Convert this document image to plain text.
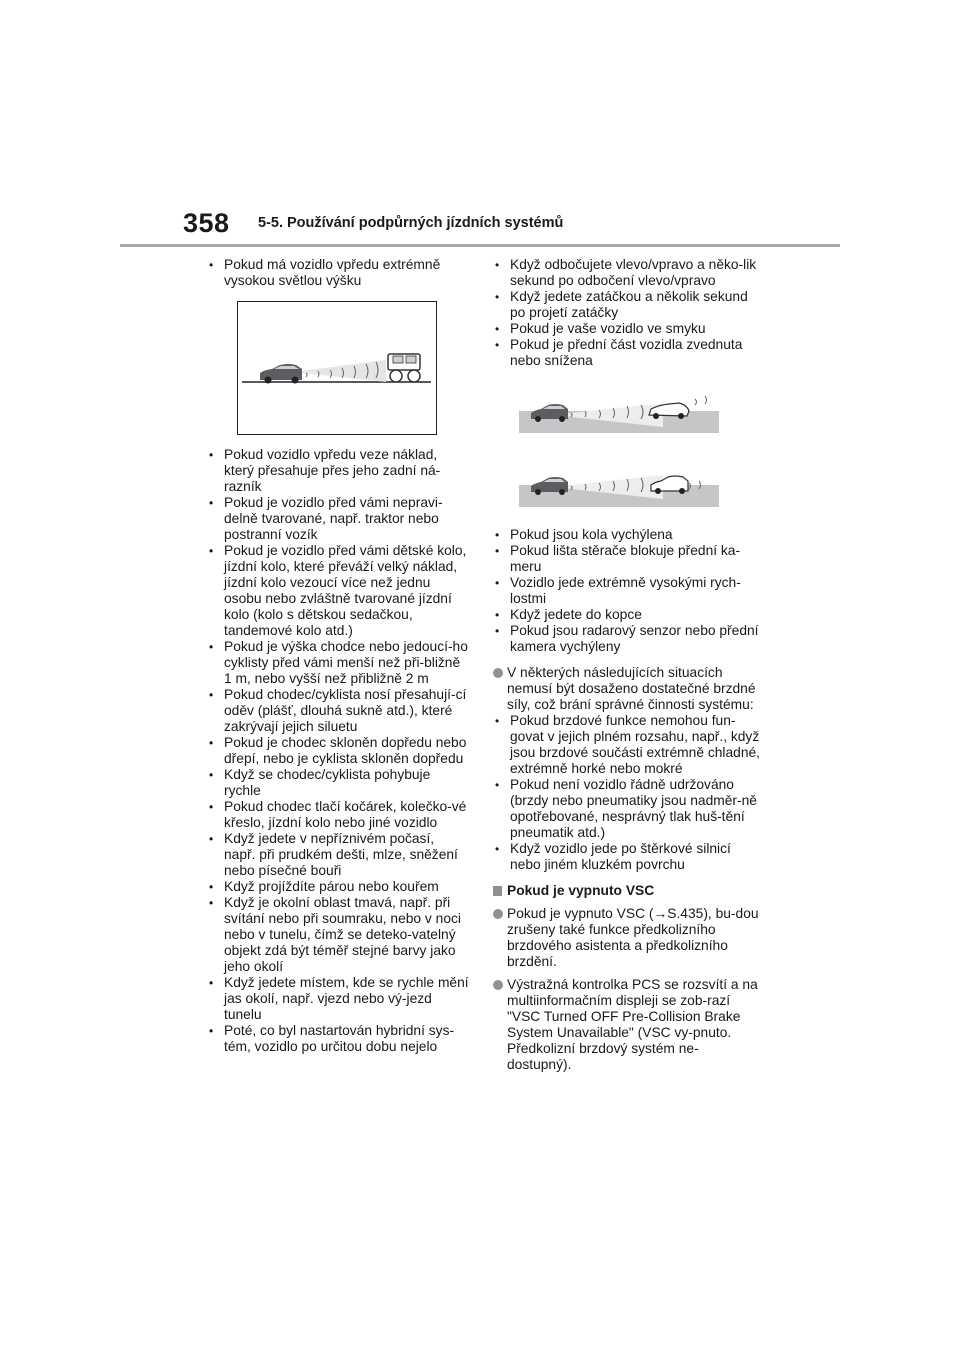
358 5-5. Používání podpůrných jízdních systémů
• Pokud má vozidlo vpředu extrémně vysokou světlou výšku
• Pokud vozidlo vpředu veze náklad, který přesahuje přes jeho zadní ná-razník
• Pokud je vozidlo před vámi nepravi-delně tvarované, např. traktor nebo postranní vozík
• Pokud je vozidlo před vámi dětské kolo, jízdní kolo, které převáží velký náklad, jízdní kolo vezoucí více než jednu osobu nebo zvláštně tvarované jízdní kolo (kolo s dětskou sedačkou, tandemové kolo atd.)
• Pokud je výška chodce nebo jedoucí-ho cyklisty před vámi menší než při-bližně 1 m, nebo vyšší než přibližně 2 m
• Pokud chodec/cyklista nosí přesahují-cí oděv (plášť, dlouhá sukně atd.), které zakrývají jejich siluetu
• Pokud je chodec skloněn dopředu nebo dřepí, nebo je cyklista skloněn dopředu
• Když se chodec/cyklista pohybuje rychle
• Pokud chodec tlačí kočárek, kolečko-vé křeslo, jízdní kolo nebo jiné vozidlo
• Když jedete v nepříznivém počasí, např. při prudkém dešti, mlze, sněžení nebo písečné bouři
• Když projíždíte párou nebo kouřem
• Když je okolní oblast tmavá, např. při svítání nebo při soumraku, nebo v noci nebo v tunelu, čímž se deteko-vatelný objekt zdá být téměř stejné barvy jako jeho okolí
• Když jedete místem, kde se rychle mění jas okolí, např. vjezd nebo vý-jezd tunelu
• Poté, co byl nastartován hybridní sys-tém, vozidlo po určitou dobu nejelo
• Když odbočujete vlevo/vpravo a něko-lik sekund po odbočení vlevo/vpravo
• Když jedete zatáčkou a několik sekund po projetí zatáčky
• Pokud je vaše vozidlo ve smyku
• Pokud je přední část vozidla zvednuta nebo snížena
• Pokud jsou kola vychýlena
• Pokud lišta stěrače blokuje přední ka-meru
• Vozidlo jede extrémně vysokými rych-lostmi
• Když jedete do kopce
• Pokud jsou radarový senzor nebo přední kamera vychýleny
V některých následujících situacích nemusí být dosaženo dostatečné brzdné síly, což brání správné činnosti systému:
• Pokud brzdové funkce nemohou fun-govat v jejich plném rozsahu, např., když jsou brzdové součásti extrémně chladné, extrémně horké nebo mokré
• Pokud není vozidlo řádně udržováno (brzdy nebo pneumatiky jsou nadměr-ně opotřebované, nesprávný tlak huš-tění pneumatik atd.)
• Když vozidlo jede po štěrkové silnicí nebo jiném kluzkém povrchu
Pokud je vypnuto VSC
Pokud je vypnuto VSC (→S.435), bu-dou zrušeny také funkce předkolizního brzdového asistenta a předkolizního brzdění.
Výstražná kontrolka PCS se rozsvítí a na multiinformačním displeji se zob-razí "VSC Turned OFF Pre-Collision Brake System Unavailable" (VSC vy-pnuto. Předkolizní brzdový systém ne-dostupný).
